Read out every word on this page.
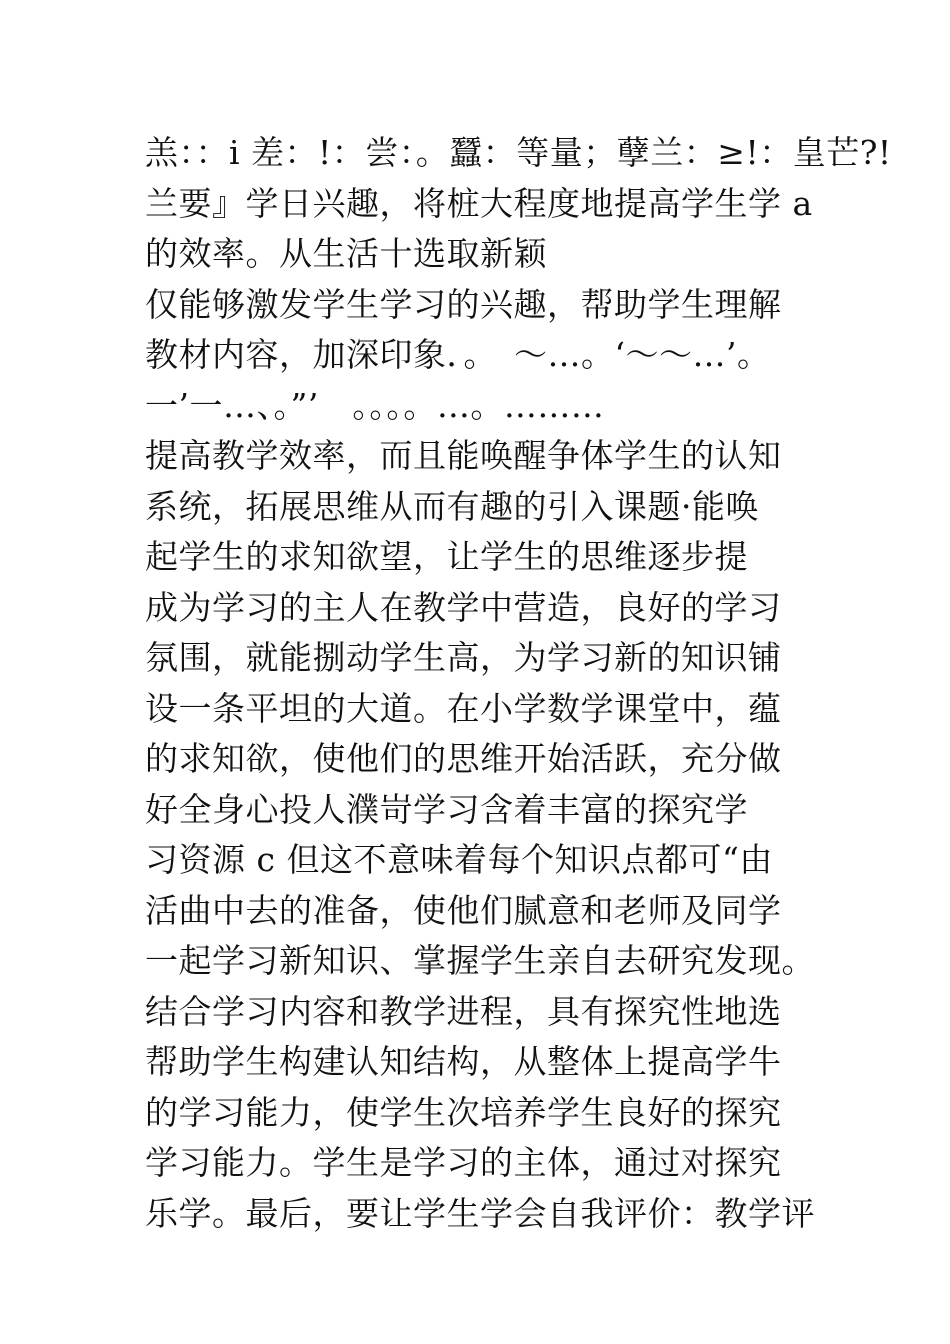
羔：：i 差：!：尝：。蠶：等量；孽兰：≥!：皇芒?!
兰要』学日兴趣，将桩大程度地提高学生学 a
的效率。从生活十选取新颖
仅能够激发学生学习的兴趣，帮助学生理解
教材内容，加深印象．。　～…。‘～～…’。
一’一…、。”’　。。。。…。………
提高教学效率，而且能唤醒争体学生的认知
系统，拓展思维从而有趣的引入课题·能唤
起学生的求知欲望，让学生的思维逐步提
成为学习的主人在教学中营造，良好的学习
氛围，就能捌动学生高，为学习新的知识铺
设一条平坦的大道。在小学数学课堂中，蕴
的求知欲，使他们的思维开始活跃，充分做
好全身心投人濮岢学习含着丰富的探究学
习资源 c 但这不意味着每个知识点都可“由
活曲中去的准备，使他们腻意和老师及同学
一起学习新知识、掌握学生亲自去研究发现。
结合学习内容和教学进程，具有探究性地选
帮助学生构建认知结构，从整体上提高学牛
的学习能力，使学生次培养学生良好的探究
学习能力。学生是学习的主体，通过对探究
乐学。最后，要让学生学会自我评价：教学评
